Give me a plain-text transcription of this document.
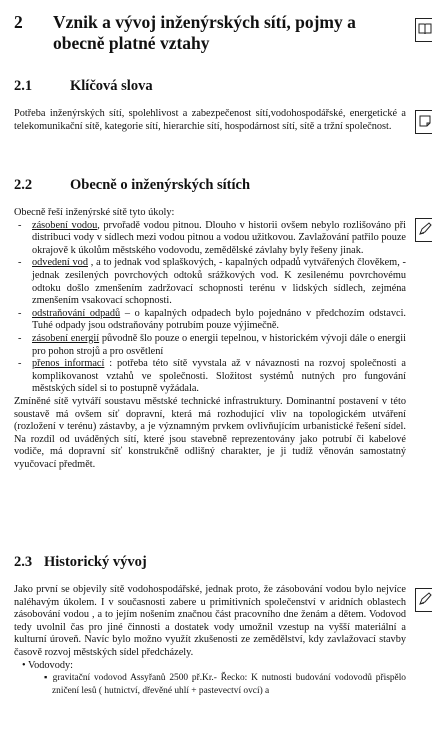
2 Vznik a vývoj inženýrských sítí, pojmy a obecně platné vztahy
2.1	Klíčová slova

Potřeba inženýrských sítí, spolehlivost a zabezpečenost sítí,vodohospodářské, energetické a telekomunikační sítě, kategorie sítí, hierarchie sítí, hospodárnost sítí, sítě a tržní společnost.

2.2	Obecně o inženýrských sítích

Obecně řeší inženýrské sítě tyto úkoly:

- zásobení vodou, prvořadě vodou pitnou. Dlouho v historii ovšem nebylo rozlišováno při distribuci vody v sídlech mezi vodou pitnou a vodou užitkovou. Zavlažování patřilo pouze okrajově k úkolům městského vodovodu, zemědělské závlahy byly řešeny jinak.
- odvedení vod , a to jednak vod splaškových, - kapalných odpadů vytvářených člověkem, - jednak zesilených povrchových odtoků srážkových vod. K zesilenému povrchovému odtoku došlo zmenšením zadržovací schopnosti terénu v lidských sídlech, zejména zmenšením vsakovací schopnosti.
- odstraňování odpadů – o kapalných odpadech bylo pojednáno v předchozím odstavci. Tuhé odpady jsou odstraňovány potrubím pouze výjimečně.
- zásobení energií původně šlo pouze o energii tepelnou, v historickém vývoji dále o energii pro pohon strojů a pro osvětlení
- přenos informací : potřeba této sítě vyvstala až v návaznosti na rozvoj společnosti a komplikovanost vztahů ve společnosti. Složitost systémů nutných pro fungování městských sídel si to postupně vyžádala.

Zmíněné sítě vytváří soustavu městské technické infrastruktury. Dominantní postavení v této soustavě má ovšem síť dopravní, která má rozhodující vliv na topologickém utváření (rozložení v terénu) zástavby, a je významným prvkem ovlivňujícím urbanistické řešení sídel. Na rozdíl od uváděných sítí, které jsou stavebně reprezentovány jako potrubí či kabelové vodiče, má dopravní síť konstrukčně odlišný charakter, je ji tudíž věnován samostatný vyučovací předmět.

2.3 Historický vývoj

Jako první se objevily sítě vodohospodářské, jednak proto, že zásobování vodou bylo nejvíce naléhavým úkolem. I v současnosti zabere u primitivních společenství v aridních oblastech zásobování vodou , a to jejím nošením značnou část pracovního dne ženám a dětem. Vodovod tedy uvolnil čas pro jiné činnosti a dostatek vody umožnil vzestup na vyšší materiální a kulturní úroveň. Navíc bylo možno využít zkušenosti ze zemědělství, kdy zavlažovací stavby časově rozvoj městských sídel předcházely.

• Vodovody:
▪ gravitační vodovod Assyřanů 2500 př.Kr.- Řecko: K nutnosti budování vodovodů přispělo zničení lesů ( hutnictví, dřevěné uhlí + pastevectví ovcí) a
